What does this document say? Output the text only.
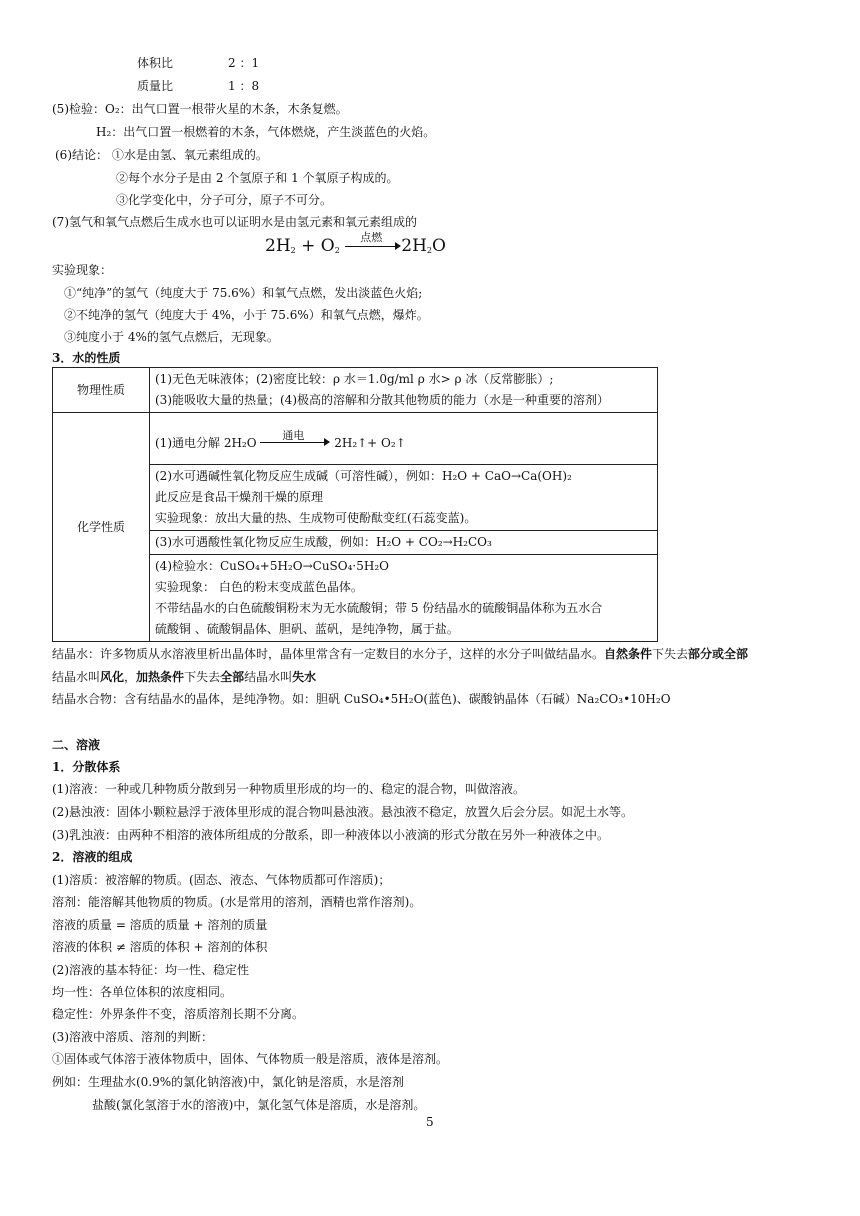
体积比	2 ：1
质量比	1 ：8
(5)检验：O₂：出气口置一根带火星的木条，木条复燃。
H₂：出气口置一根燃着的木条，气体燃烧，产生淡蓝色的火焰。
(6)结论： ①水是由氢、氧元素组成的。
②每个水分子是由 2 个氢原子和 1 个氧原子构成的。
③化学变化中，分子可分，原子不可分。
(7)氢气和氧气点燃后生成水也可以证明水是由氢元素和氧元素组成的
$2H_2 + O_2$
点燃	$2H_2O$
实验现象：
①“纯净”的氢气（纯度大于 75.6%）和氧气点燃，发出淡蓝色火焰;
②不纯净的氢气（纯度大于 4%，小于 75.6%）和氧气点燃，爆炸。
③纯度小于 4%的氢气点燃后，无现象。
3．水的性质
物理性质	(1)无色无味液体；(2)密度比较：ρ 水＝1.0g/ml ρ 水> ρ 冰（反常膨胀）;
(3)能吸收大量的热量；(4)极高的溶解和分散其他物质的能力（水是一种重要的溶剂）

化学性质	(1)通电分解 2H₂O 通电 2H₂↑+ O₂↑

	(2)水可遇碱性氧化物反应生成碱（可溶性碱），例如：H₂O + CaO→Ca(OH)₂
此反应是食品干燥剂干燥的原理
实验现象：放出大量的热、生成物可使酚酞变红(石蕊变蓝)。

	(3)水可遇酸性氧化物反应生成酸，例如：H₂O + CO₂→H₂CO₃

	(4)检验水：CuSO₄+5H₂O→CuSO₄·5H₂O
实验现象： 白色的粉末变成蓝色晶体。
不带结晶水的白色硫酸铜粉末为无水硫酸铜；带 5 份结晶水的硫酸铜晶体称为五水合
硫酸铜 、硫酸铜晶体、胆矾、蓝矾，是纯净物，属于盐。
结晶水：许多物质从水溶液里析出晶体时，晶体里常含有一定数目的水分子，这样的水分子叫做结晶水。自然条件下失去部分或全部
结晶水叫风化，加热条件下失去全部结晶水叫失水
结晶水合物：含有结晶水的晶体，是纯净物。如：胆矾 CuSO₄•5H₂O(蓝色)、碳酸钠晶体（石碱）Na₂CO₃•10H₂O
二、溶液
1．分散体系
(1)溶液：一种或几种物质分散到另一种物质里形成的均一的、稳定的混合物，叫做溶液。
(2)悬浊液：固体小颗粒悬浮于液体里形成的混合物叫悬浊液。悬浊液不稳定，放置久后会分层。如泥土水等。
(3)乳浊液：由两种不相溶的液体所组成的分散系，即一种液体以小液滴的形式分散在另外一种液体之中。
2．溶液的组成
(1)溶质：被溶解的物质。(固态、液态、气体物质都可作溶质)；
溶剂：能溶解其他物质的物质。(水是常用的溶剂，酒精也常作溶剂)。
溶液的质量 = 溶质的质量 + 溶剂的质量
溶液的体积 ≠ 溶质的体积 + 溶剂的体积
(2)溶液的基本特征：均一性、稳定性
均一性：各单位体积的浓度相同。
稳定性：外界条件不变，溶质溶剂长期不分离。
(3)溶液中溶质、溶剂的判断：
①固体或气体溶于液体物质中，固体、气体物质一般是溶质，液体是溶剂。
例如：生理盐水(0.9%的氯化钠溶液)中，氯化钠是溶质，水是溶剂
盐酸(氯化氢溶于水的溶液)中，氯化氢气体是溶质，水是溶剂。
5
